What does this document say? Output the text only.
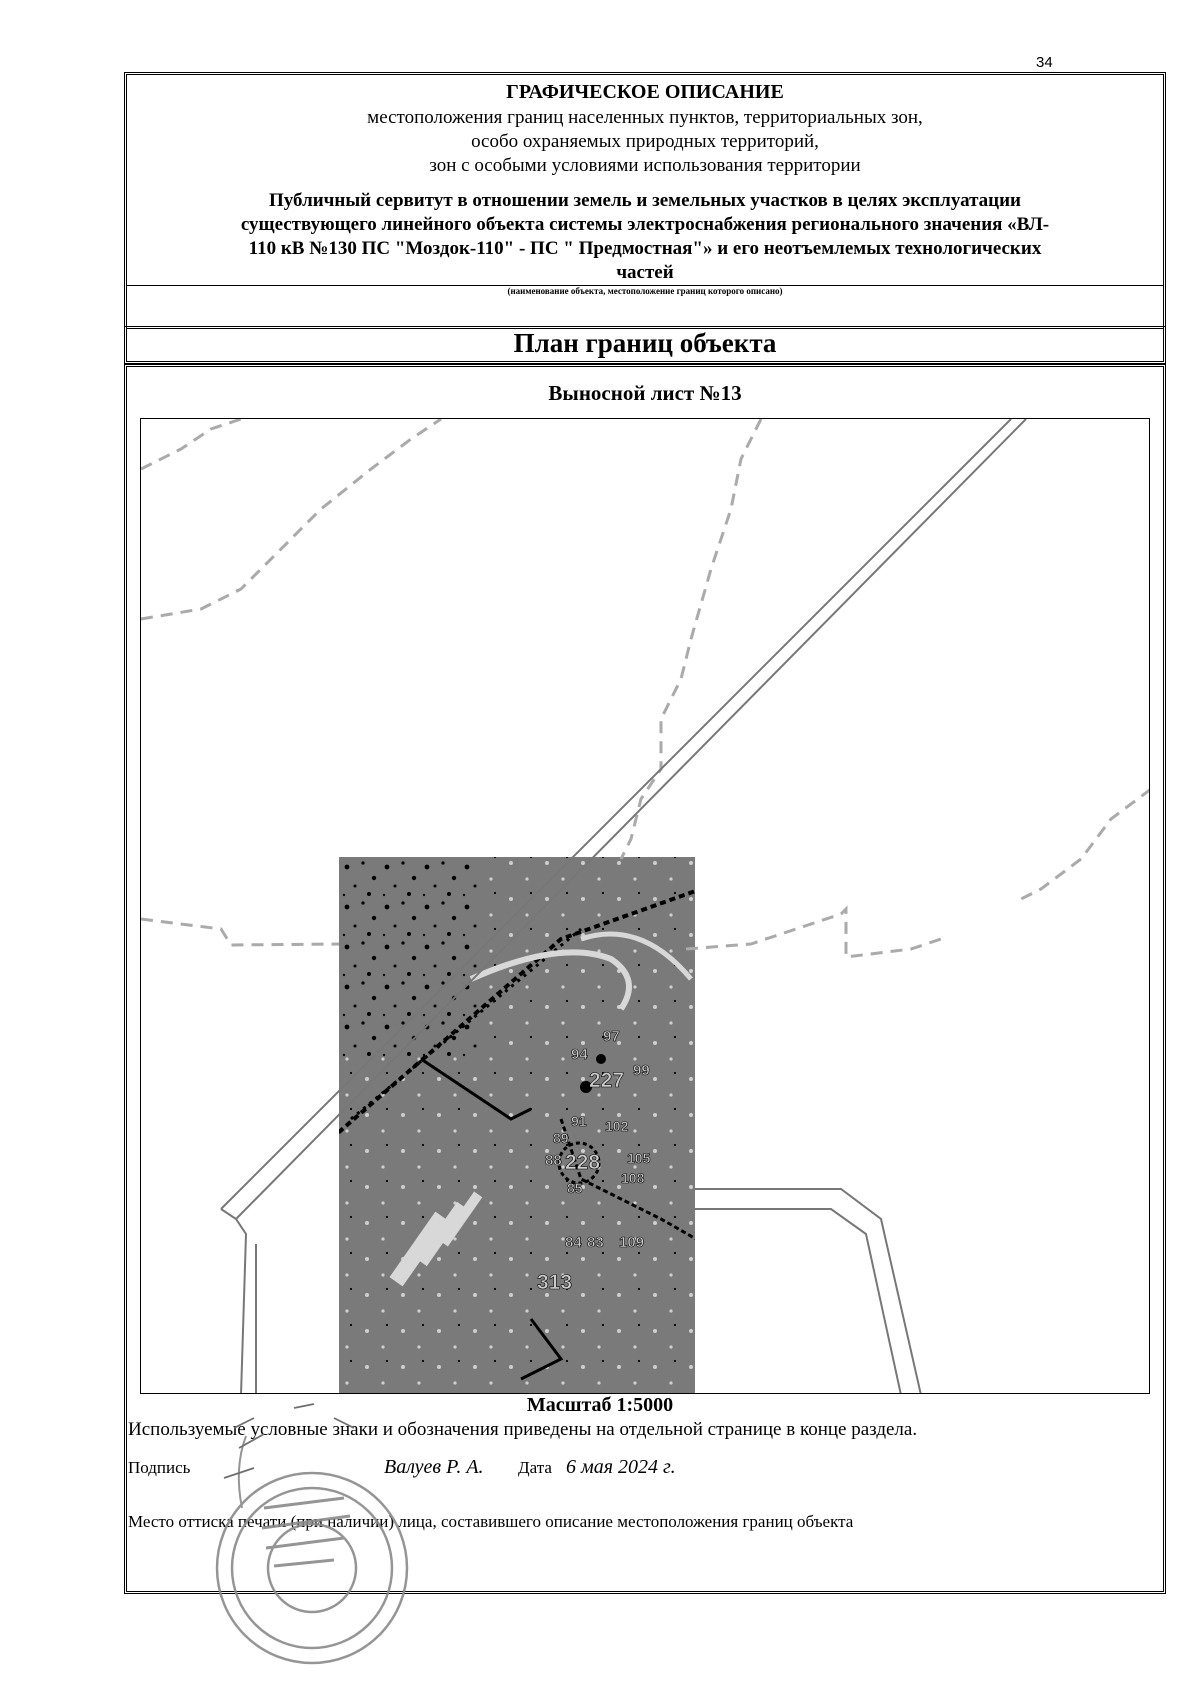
34
ГРАФИЧЕСКОЕ ОПИСАНИЕ
местоположения границ населенных пунктов, территориальных зон,
особо охраняемых природных территорий,
зон с особыми условиями использования территории
Публичный сервитут в отношении земель и земельных участков в целях эксплуатации
существующего линейного объекта системы электроснабжения регионального значения «ВЛ-
110 кВ №130 ПС "Моздок-110" - ПС " Предмостная"» и его неотъемлемых технологических
частей
(наименование объекта, местоположение границ которого описано)
План границ объекта
Выносной лист №13
97
94
99
227
91 102
89
88 228 105
108
85
84 83 109
313
Масштаб 1:5000
Используемые условные знаки и обозначения приведены на отдельной странице в конце раздела.
Подпись	Валуев Р. А. Дата 6 мая 2024 г.
Место оттиска печати (при наличии) лица, составившего описание местоположения границ объекта
